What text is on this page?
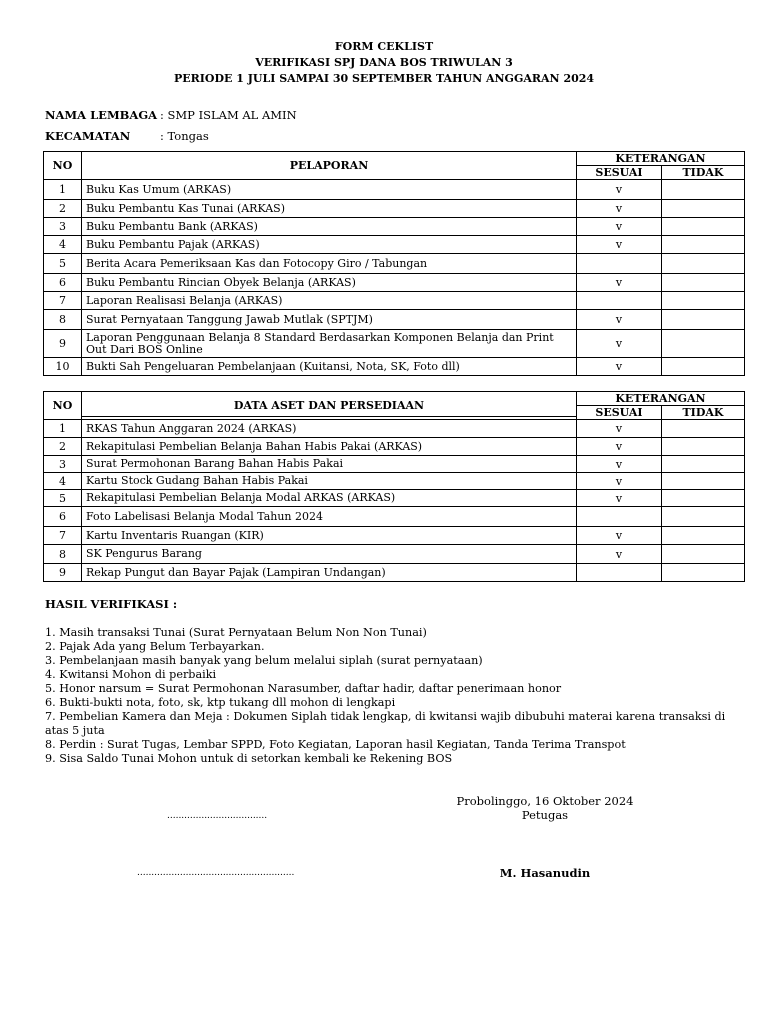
FORM CEKLIST
VERIFIKASI SPJ DANA BOS TRIWULAN 3
PERIODE 1 JULI SAMPAI 30 SEPTEMBER TAHUN ANGGARAN 2024
NAMA LEMBAGA : SMP ISLAM AL AMIN
KECAMATAN	: Tongas
NO	PELAPORAN	KETERANGAN	
		SESUAI	TIDAK
1	Buku Kas Umum (ARKAS)	v	
2	Buku Pembantu Kas Tunai (ARKAS)	v	
3	Buku Pembantu Bank (ARKAS)	v	
4	Buku Pembantu Pajak (ARKAS)	v	
5	Berita Acara Pemeriksaan Kas dan Fotocopy Giro / Tabungan		
6	Buku Pembantu Rincian Obyek Belanja (ARKAS)	v	
7	Laporan Realisasi Belanja (ARKAS)		
8	Surat Pernyataan Tanggung Jawab Mutlak (SPTJM)	v	
9	Laporan Penggunaan Belanja 8 Standard Berdasarkan Komponen Belanja dan Print Out Dari BOS Online	v	
10	Bukti Sah Pengeluaran Pembelanjaan (Kuitansi, Nota, SK, Foto dll)	v	
NO	DATA ASET DAN PERSEDIAAN	KETERANGAN	
		SESUAI	TIDAK
1	RKAS Tahun Anggaran 2024 (ARKAS)	v	
2	Rekapitulasi Pembelian Belanja Bahan Habis Pakai (ARKAS)	v	
3	Surat Permohonan Barang Bahan Habis Pakai	v	
4	Kartu Stock Gudang Bahan Habis Pakai	v	
5	Rekapitulasi Pembelian Belanja Modal ARKAS (ARKAS)	v	
6	Foto Labelisasi Belanja Modal Tahun 2024		
7	Kartu Inventaris Ruangan (KIR)	v	
8	SK Pengurus Barang	v	
9	Rekap Pungut dan Bayar Pajak (Lampiran Undangan)		
HASIL VERIFIKASI :
1. Masih transaksi Tunai (Surat Pernyataan Belum Non Non Tunai)
2. Pajak Ada yang Belum Terbayarkan.
3. Pembelanjaan masih banyak yang belum melalui siplah (surat pernyataan)
4. Kwitansi Mohon di perbaiki
5. Honor narsum = Surat Permohonan Narasumber, daftar hadir, daftar penerimaan honor
6. Bukti-bukti nota, foto, sk, ktp tukang dll mohon di lengkapi
7. Pembelian Kamera dan Meja : Dokumen Siplah tidak lengkap, di kwitansi wajib dibubuhi materai karena transaksi di atas 5 juta
8. Perdin : Surat Tugas, Lembar SPPD, Foto Kegiatan, Laporan hasil Kegiatan, Tanda Terima Transpot
9. Sisa Saldo Tunai Mohon untuk di setorkan kembali ke Rekening BOS
Probolinggo, 16 Oktober 2024
Petugas
...................................
.......................................................	M. Hasanudin
